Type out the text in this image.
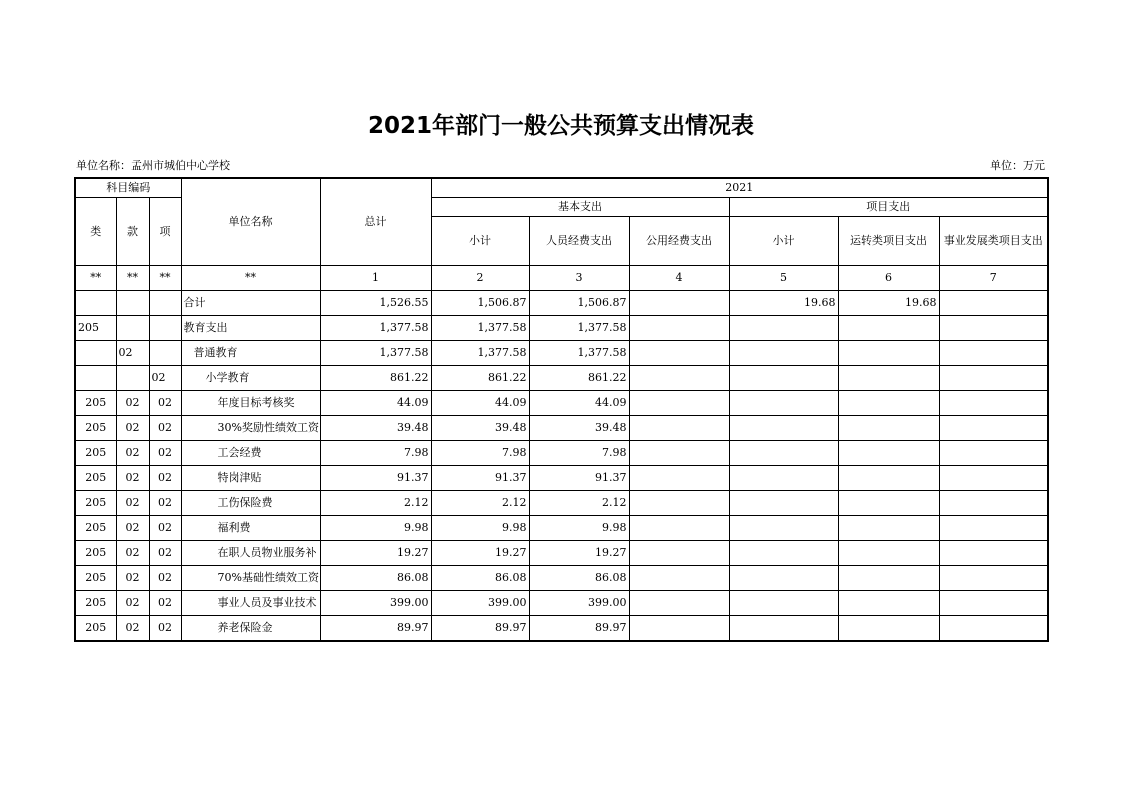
2021年部门一般公共预算支出情况表
单位名称：孟州市城伯中心学校	单位：万元
科目编码			单位名称	总计	2021					
类	款	项			基本支出			项目支出		
					小计	人员经费支出	公用经费支出	小计	运转类项目支出	事业发展类项目支出
**	**	**	**	1	2	3	4	5	6	7
			合计	1,526.55	1,506.87	1,506.87		19.68	19.68	
205			教育支出	1,377.58	1,377.58	1,377.58				
	02		普通教育	1,377.58	1,377.58	1,377.58				
		02	小学教育	861.22	861.22	861.22				
205	02	02	年度目标考核奖	44.09	44.09	44.09				
205	02	02	30%奖励性绩效工资	39.48	39.48	39.48				
205	02	02	工会经费	7.98	7.98	7.98				
205	02	02	特岗津贴	91.37	91.37	91.37				
205	02	02	工伤保险费	2.12	2.12	2.12				
205	02	02	福利费	9.98	9.98	9.98				
205	02	02	在职人员物业服务补	19.27	19.27	19.27				
205	02	02	70%基础性绩效工资	86.08	86.08	86.08				
205	02	02	事业人员及事业技术	399.00	399.00	399.00				
205	02	02	养老保险金	89.97	89.97	89.97				
